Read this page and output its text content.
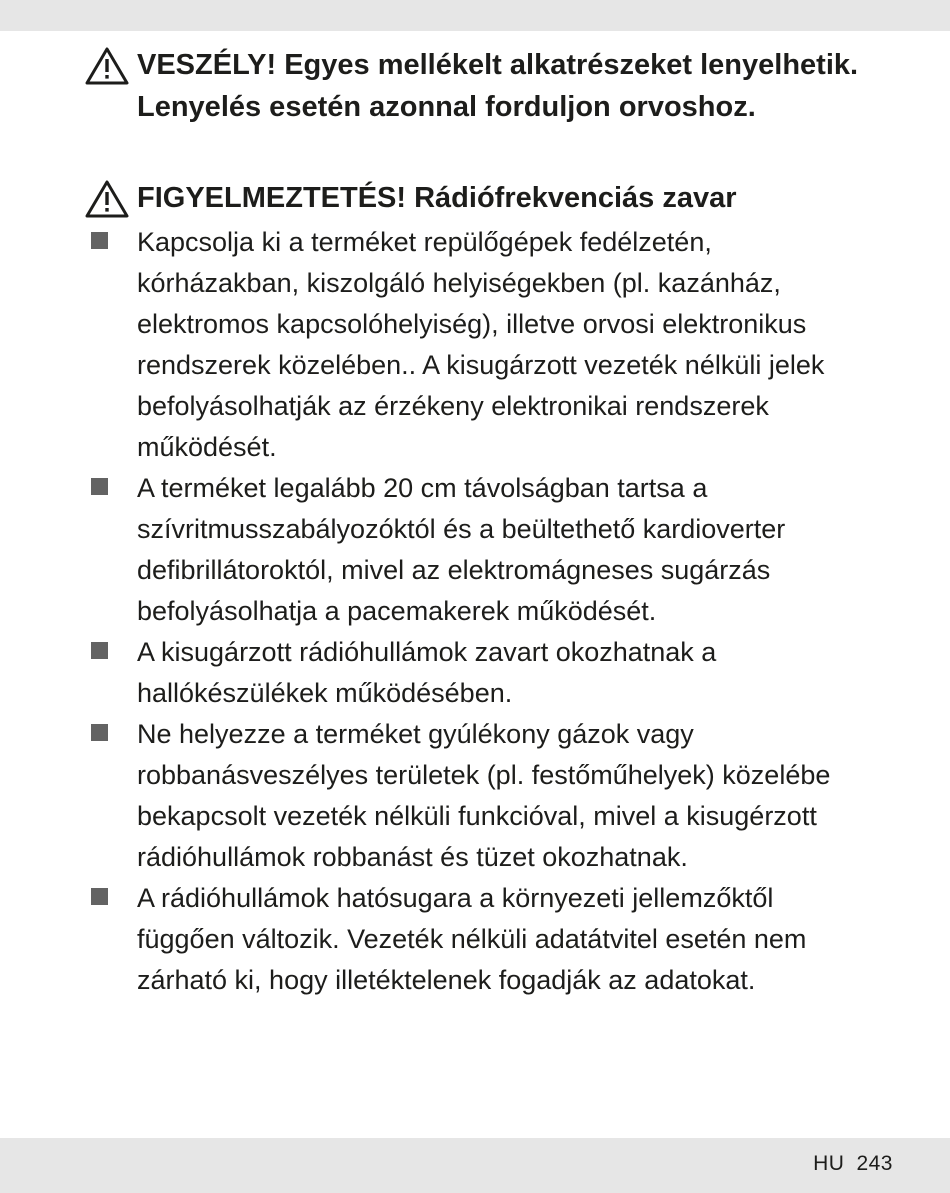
VESZÉLY! Egyes mellékelt alkatrészeket lenyelhetik. Lenyelés esetén azonnal forduljon orvoshoz.
FIGYELMEZTETÉS! Rádiófrekvenciás zavar
Kapcsolja ki a terméket repülőgépek fedélzetén, kórházakban, kiszolgáló helyiségekben (pl. kazánház, elektromos kapcsolóhelyiség), illetve orvosi elektronikus rendszerek közelében.. A kisugárzott vezeték nélküli jelek befolyásolhatják az érzékeny elektronikai rendszerek működését.
A terméket legalább 20 cm távolságban tartsa a szívritmusszabályozóktól és a beültethető kardioverter defibrillátoroktól, mivel az elektromágneses sugárzás befolyásolhatja a pacemakerek működését.
A kisugárzott rádióhullámok zavart okozhatnak a hallókészülékek működésében.
Ne helyezze a terméket gyúlékony gázok vagy robbanásveszélyes területek (pl. festőműhelyek) közelébe bekapcsolt vezeték nélküli funkcióval, mivel a kisugérzott rádióhullámok robbanást és tüzet okozhatnak.
A rádióhullámok hatósugara a környezeti jellemzőktől függően változik. Vezeték nélküli adatátvitel esetén nem zárható ki, hogy illetéktelenek fogadják az adatokat.
HU 243
